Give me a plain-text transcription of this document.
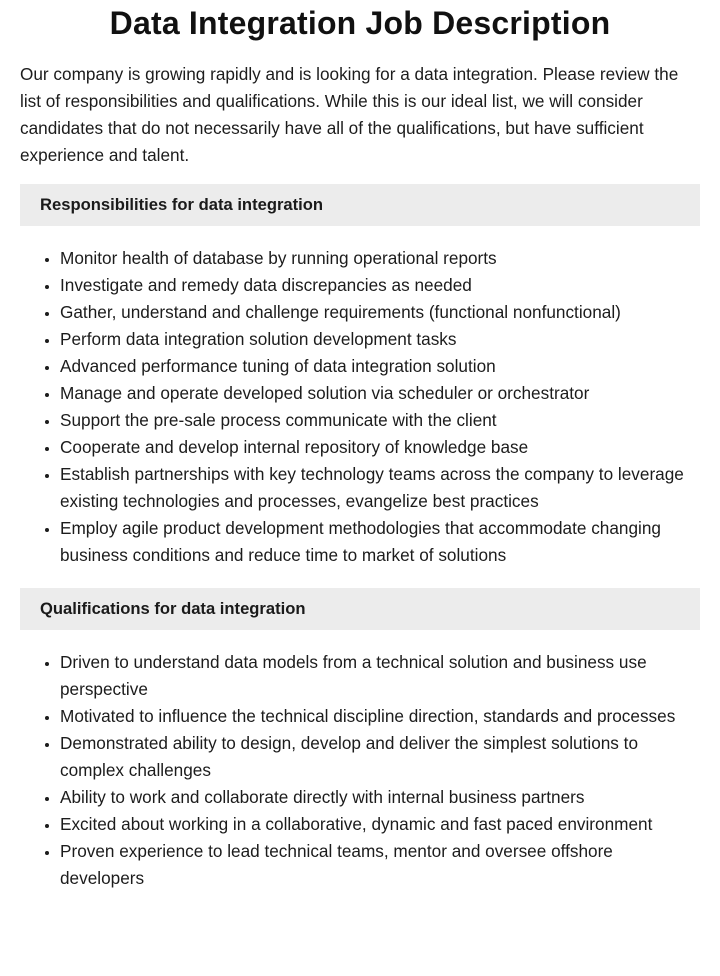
Data Integration Job Description

Our company is growing rapidly and is looking for a data integration. Please review the list of responsibilities and qualifications. While this is our ideal list, we will consider candidates that do not necessarily have all of the qualifications, but have sufficient experience and talent.

Responsibilities for data integration
• Monitor health of database by running operational reports
• Investigate and remedy data discrepancies as needed
• Gather, understand and challenge requirements (functional nonfunctional)
• Perform data integration solution development tasks
• Advanced performance tuning of data integration solution
• Manage and operate developed solution via scheduler or orchestrator
• Support the pre-sale process communicate with the client
• Cooperate and develop internal repository of knowledge base
• Establish partnerships with key technology teams across the company to leverage existing technologies and processes, evangelize best practices
• Employ agile product development methodologies that accommodate changing business conditions and reduce time to market of solutions
Qualifications for data integration
• Driven to understand data models from a technical solution and business use perspective
• Motivated to influence the technical discipline direction, standards and processes
• Demonstrated ability to design, develop and deliver the simplest solutions to complex challenges
• Ability to work and collaborate directly with internal business partners
• Excited about working in a collaborative, dynamic and fast paced environment
• Proven experience to lead technical teams, mentor and oversee offshore developers
